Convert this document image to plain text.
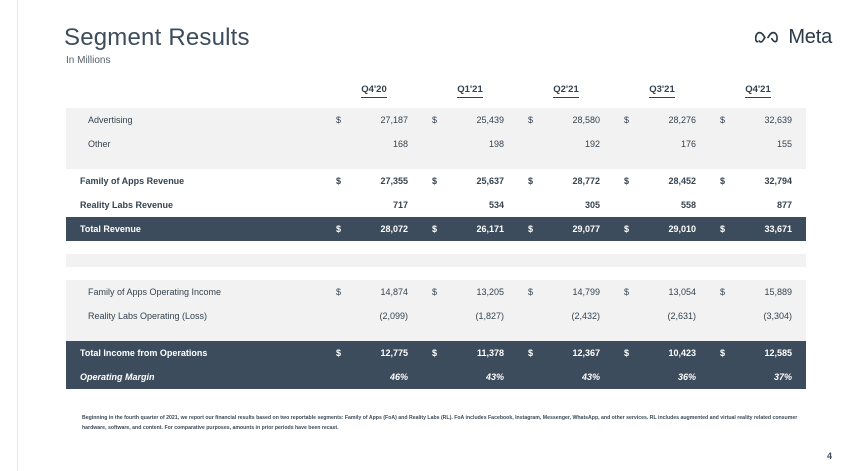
Segment Results
In Millions
Meta
	Q4'20	Q1'21	Q2'21	Q3'21	Q4'21

Advertising	$ 27,187	$ 25,439	$ 28,580	$ 28,276	$ 32,639
Other	168	198	192	176	155

Family of Apps Revenue	$ 27,355	$ 25,637	$ 28,772	$ 28,452	$ 32,794
Reality Labs Revenue	717	534	305	558	877
Total Revenue	$ 28,072	$ 26,171	$ 29,077	$ 29,010	$ 33,671

Family of Apps Operating Income	$ 14,874	$ 13,205	$ 14,799	$ 13,054	$ 15,889
Reality Labs Operating (Loss)	(2,099)	(1,827)	(2,432)	(2,631)	(3,304)

Total Income from Operations	$ 12,775	$ 11,378	$ 12,367	$ 10,423	$ 12,585
Operating Margin	46%	43%	43%	36%	37%
Beginning in the fourth quarter of 2021, we report our financial results based on two reportable segments: Family of Apps (FoA) and Reality Labs (RL). FoA includes Facebook, Instagram, Messenger, WhatsApp, and other services. RL includes augmented and virtual reality related consumer hardware, software, and content. For comparative purposes, amounts in prior periods have been recast.
4
